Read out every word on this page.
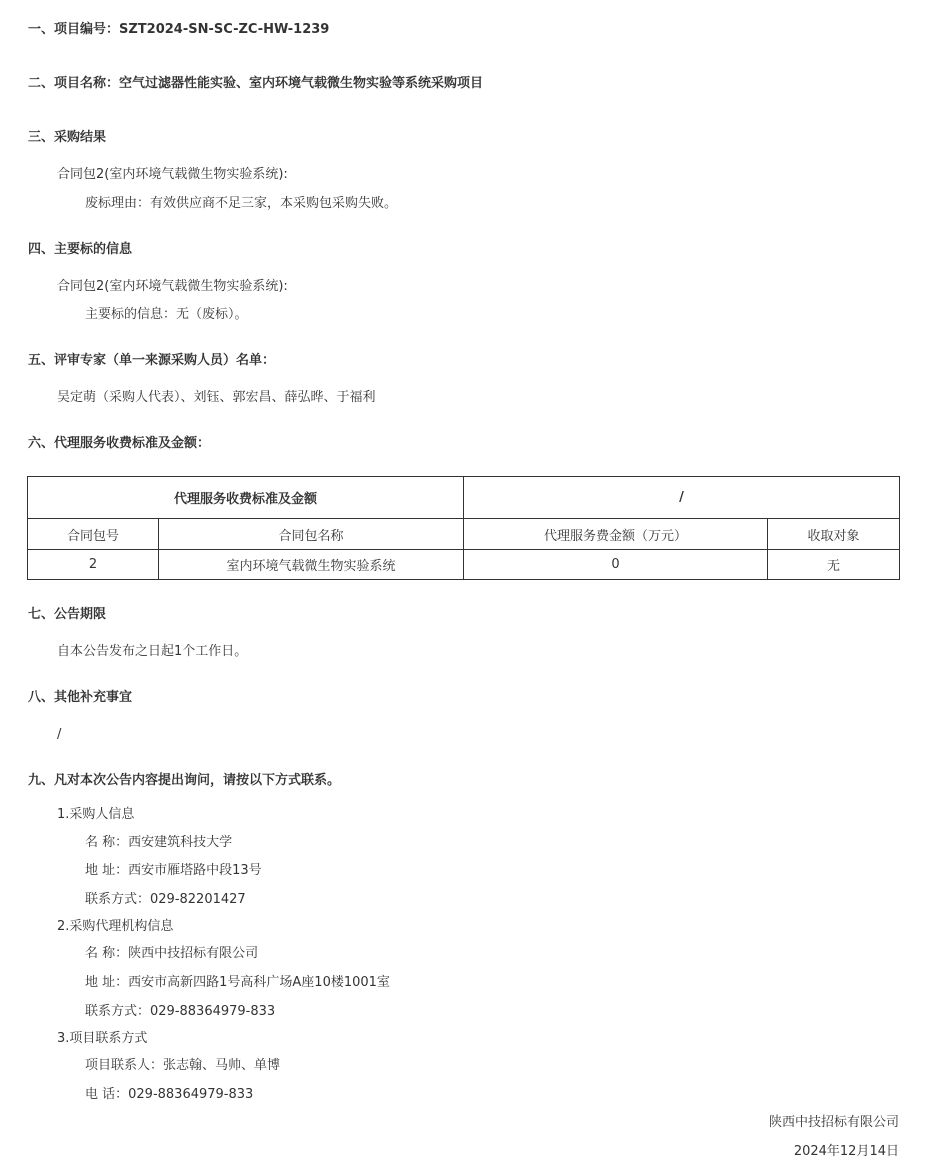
一、项目编号：SZT2024-SN-SC-ZC-HW-1239
二、项目名称：空气过滤器性能实验、室内环境气载微生物实验等系统采购项目
三、采购结果
合同包2(室内环境气载微生物实验系统):
废标理由：有效供应商不足三家，本采购包采购失败。
四、主要标的信息
合同包2(室内环境气载微生物实验系统):
主要标的信息：无（废标）。
五、评审专家（单一来源采购人员）名单：
吴定萌（采购人代表）、刘钰、郭宏昌、薛弘晔、于福利
六、代理服务收费标准及金额：
代理服务收费标准及金额		/	
合同包号	合同包名称	代理服务费金额（万元）	收取对象
2	室内环境气载微生物实验系统	0	无
七、公告期限
自本公告发布之日起1个工作日。
八、其他补充事宜
/
九、凡对本次公告内容提出询问，请按以下方式联系。
1.采购人信息
名 称：西安建筑科技大学
地 址：西安市雁塔路中段13号
联系方式：029-82201427
2.采购代理机构信息
名 称：陕西中技招标有限公司
地 址：西安市高新四路1号高科广场A座10楼1001室
联系方式：029-88364979-833
3.项目联系方式
项目联系人：张志翰、马帅、单博
电 话：029-88364979-833
陕西中技招标有限公司
2024年12月14日
